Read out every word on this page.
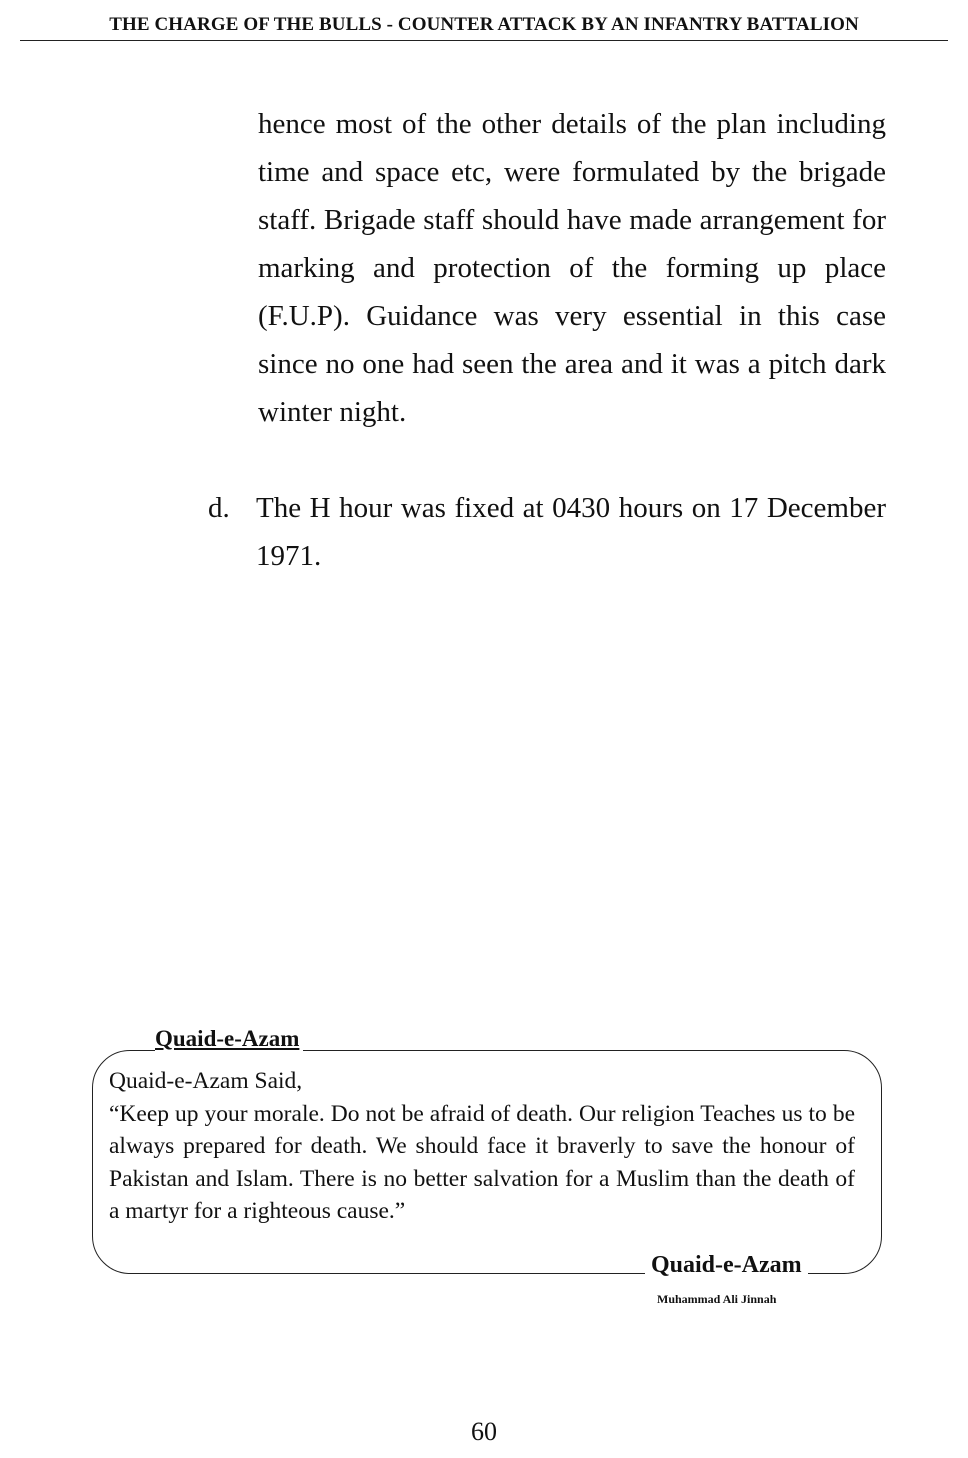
THE CHARGE OF THE BULLS - COUNTER ATTACK BY AN INFANTRY BATTALION

hence most of the other details of the plan including time and space etc, were formulated by the brigade staff. Brigade staff should have made arrangement for marking and protection of the forming up place (F.U.P). Guidance was very essential in this case since no one had seen the area and it was a pitch dark winter night.

d. The H hour was fixed at 0430 hours on 17 December 1971.
Quaid-e-Azam

Quaid-e-Azam Said,

“Keep up your morale. Do not be afraid of death. Our religion Teaches us to be always prepared for death. We should face it braverly to save the honour of Pakistan and Islam. There is no better salvation for a Muslim than the death of a martyr for a righteous cause.”

Quaid-e-Azam
Muhammad Ali Jinnah
60
